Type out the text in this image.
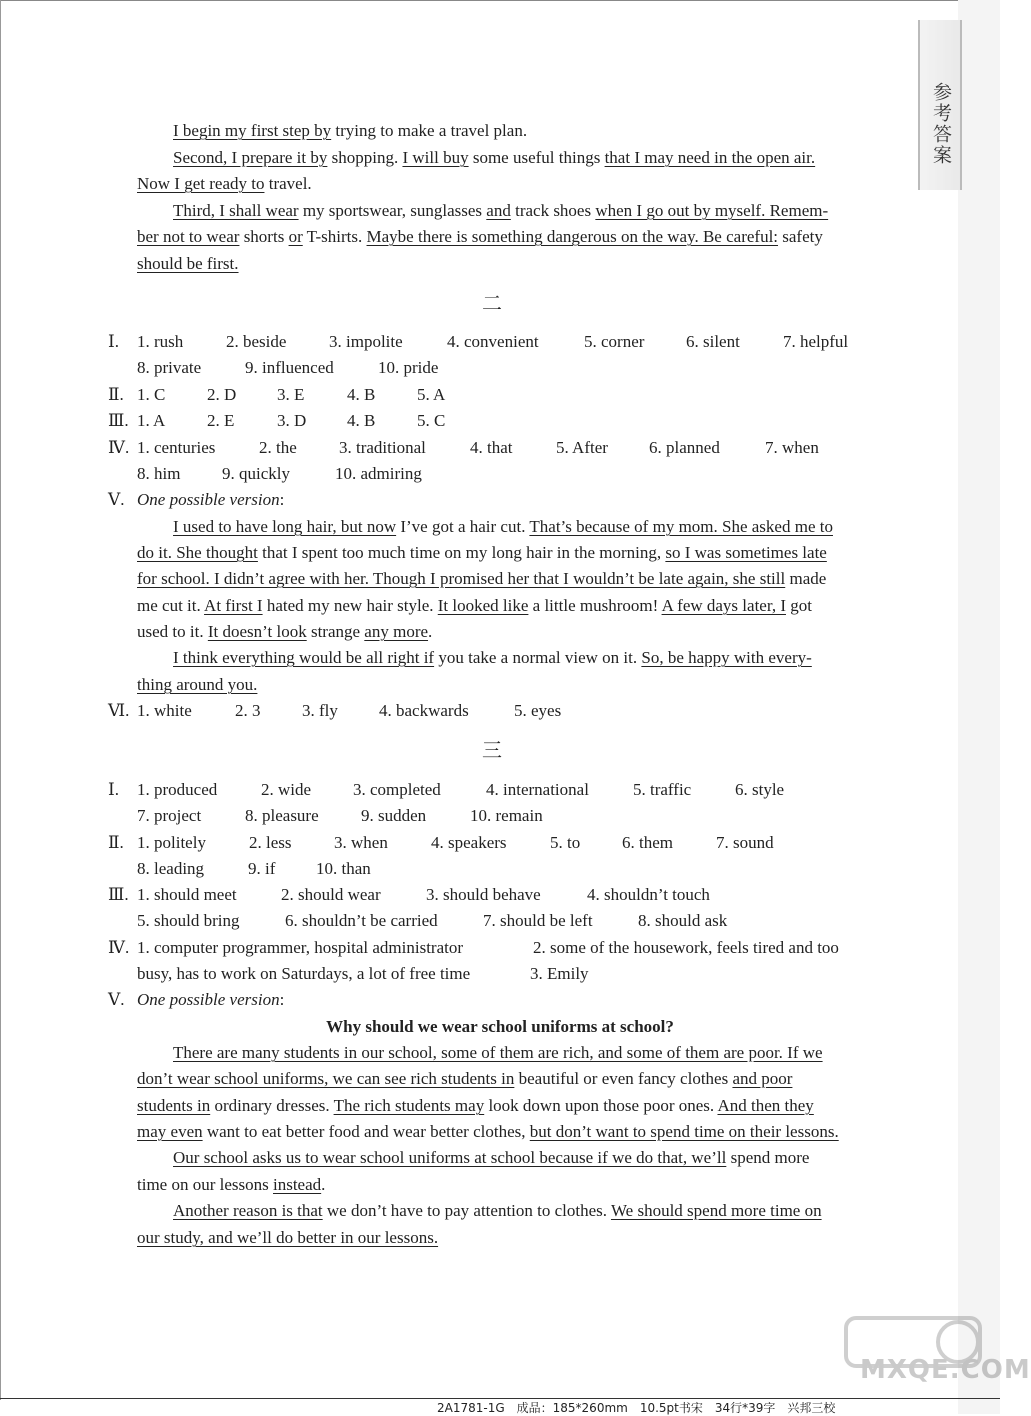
参考答案
I begin my first step by trying to make a travel plan.
Second, I prepare it by shopping. I will buy some useful things that I may need in the open air.
Now I get ready to travel.
Third, I shall wear my sportswear, sunglasses and track shoes when I go out by myself. Remem-
ber not to wear shorts or T-shirts. Maybe there is something dangerous on the way. Be careful: safety
should be first.
二
Ⅰ. 1. rush	2. beside	3. impolite	4. convenient	5. corner 6. silent	7. helpful
8. private	9. influenced	10. pride
Ⅱ. 1. C 2. D 3. E	4. B 5. A
Ⅲ. 1. A 2. E	3. D 4. B 5. C
Ⅳ. 1. centuries	2. the 3. traditional	4. that	5. After 6. planned	7. when
8. him 9. quickly	10. admiring
Ⅴ. One possible version:
I used to have long hair, but now I’ve got a hair cut. That’s because of my mom. She asked me to
do it. She thought that I spent too much time on my long hair in the morning, so I was sometimes late
for school. I didn’t agree with her. Though I promised her that I wouldn’t be late again, she still made
me cut it. At first I hated my new hair style. It looked like a little mushroom! A few days later, I got
used to it. It doesn’t look strange any more.
I think everything would be all right if you take a normal view on it. So, be happy with every-
thing around you.
Ⅵ. 1. white	2. 3 3. fly 4. backwards	5. eyes
三
Ⅰ. 1. produced	2. wide 3. completed	4. international	5. traffic	6. style
7. project	8. pleasure 9. sudden	10. remain
Ⅱ. 1. politely	2. less	3. when	4. speakers	5. to 6. them	7. sound
8. leading	9. if 10. than
Ⅲ. 1. should meet	2. should wear	3. should behave	4. shouldn’t touch
5. should bring	6. shouldn’t be carried	7. should be left	8. should ask
Ⅳ. 1. computer programmer, hospital administrator	2. some of the housework, feels tired and too
busy, has to work on Saturdays, a lot of free time	3. Emily
Ⅴ. One possible version:
Why should we wear school uniforms at school?
There are many students in our school, some of them are rich, and some of them are poor. If we
don’t wear school uniforms, we can see rich students in beautiful or even fancy clothes and poor
students in ordinary dresses. The rich students may look down upon those poor ones. And then they
may even want to eat better food and wear better clothes, but don’t want to spend time on their lessons.
Our school asks us to wear school uniforms at school because if we do that, we’ll spend more
time on our lessons instead.
Another reason is that we don’t have to pay attention to clothes. We should spend more time on
our study, and we’ll do better in our lessons.
MXQE.COM
2A1781-1G　成品：185*260mm　10.5pt书宋　34行*39字　兴邦三校
